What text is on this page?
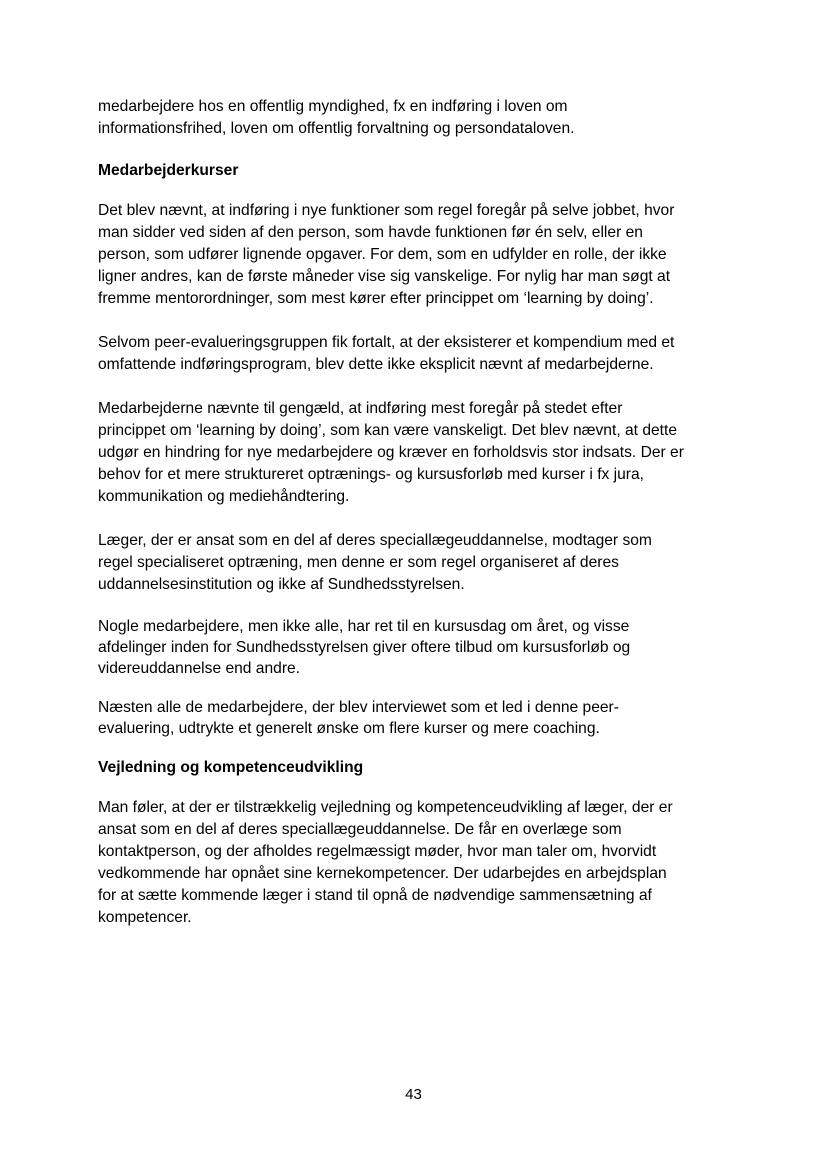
medarbejdere hos en offentlig myndighed, fx en indføring i loven om
informationsfrihed, loven om offentlig forvaltning og persondataloven.

Medarbejderkurser

Det blev nævnt, at indføring i nye funktioner som regel foregår på selve jobbet, hvor
man sidder ved siden af den person, som havde funktionen før én selv, eller en
person, som udfører lignende opgaver. For dem, som en udfylder en rolle, der ikke
ligner andres, kan de første måneder vise sig vanskelige. For nylig har man søgt at
fremme mentorordninger, som mest kører efter princippet om ‘learning by doing’.

Selvom peer-evalueringsgruppen fik fortalt, at der eksisterer et kompendium med et
omfattende indføringsprogram, blev dette ikke eksplicit nævnt af medarbejderne.

Medarbejderne nævnte til gengæld, at indføring mest foregår på stedet efter
princippet om ‘learning by doing’, som kan være vanskeligt. Det blev nævnt, at dette
udgør en hindring for nye medarbejdere og kræver en forholdsvis stor indsats. Der er
behov for et mere struktureret optrænings- og kursusforløb med kurser i fx jura,
kommunikation og mediehåndtering.

Læger, der er ansat som en del af deres speciallægeuddannelse, modtager som
regel specialiseret optræning, men denne er som regel organiseret af deres
uddannelsesinstitution og ikke af Sundhedsstyrelsen.

Nogle medarbejdere, men ikke alle, har ret til en kursusdag om året, og visse
afdelinger inden for Sundhedsstyrelsen giver oftere tilbud om kursusforløb og
videreuddannelse end andre.

Næsten alle de medarbejdere, der blev interviewet som et led i denne peer-
evaluering, udtrykte et generelt ønske om flere kurser og mere coaching.

Vejledning og kompetenceudvikling

Man føler, at der er tilstrækkelig vejledning og kompetenceudvikling af læger, der er
ansat som en del af deres speciallægeuddannelse. De får en overlæge som
kontaktperson, og der afholdes regelmæssigt møder, hvor man taler om, hvorvidt
vedkommende har opnået sine kernekompetencer. Der udarbejdes en arbejdsplan
for at sætte kommende læger i stand til opnå de nødvendige sammensætning af
kompetencer.

43
